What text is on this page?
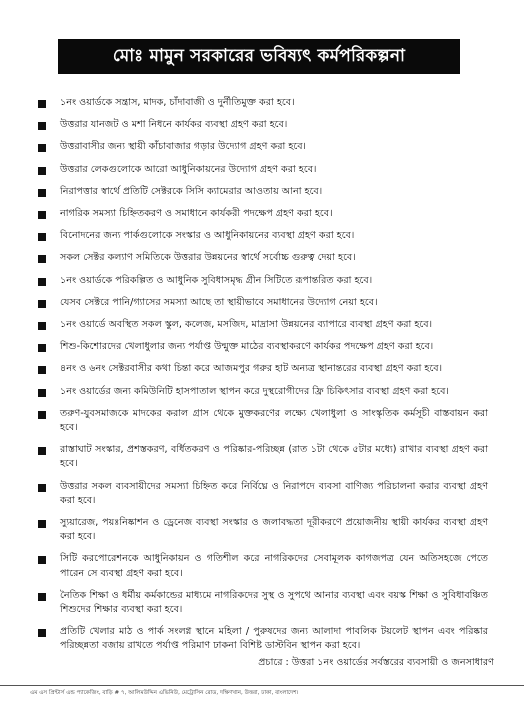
মোঃ মামুন সরকারের ভবিষ্যৎ কর্মপরিকল্পনা
১নং ওয়ার্ডকে সন্ত্রাস, মাদক, চাঁদাবাজী ও দুর্নীতিমুক্ত করা হবে।
উত্তরার যানজট ও মশা নিধনে কার্যকর ব্যবস্থা গ্রহণ করা হবে।
উত্তরাবাসীর জন্য স্থায়ী কাঁচাবাজার গড়ার উদ্যোগ গ্রহণ করা হবে।
উত্তরার লেকগুলোকে আরো আধুনিকায়নের উদ্যোগ গ্রহণ করা হবে।
নিরাপত্তার স্বার্থে প্রতিটি সেক্টরকে সিসি ক্যামেরার আওতায় আনা হবে।
নাগরিক সমস্যা চিহ্নিতকরণ ও সমাধানে কার্যকরী পদক্ষেপ গ্রহণ করা হবে।
বিনোদনের জন্য পার্কগুলোকে সংস্কার ও আধুনিকায়নের ব্যবস্থা গ্রহণ করা হবে।
সকল সেক্টর কল্যাণ সমিতিকে উত্তরার উন্নয়নের স্বার্থে সর্বোচ্চ গুরুত্ব দেয়া হবে।
১নং ওয়ার্ডকে পরিকল্পিত ও আধুনিক সুবিধাসমৃদ্ধ গ্রীন সিটিতে রূপান্তরিত করা হবে।
যেসব সেক্টরে পানি/গ্যাসের সমস্যা আছে তা স্থায়ীভাবে সমাধানের উদ্যোগ নেয়া হবে।
১নং ওয়ার্ডে অবস্থিত সকল স্কুল, কলেজ, মসজিদ, মাদ্রাসা উন্নয়নের ব্যাপারে ব্যবস্থা গ্রহণ করা হবে।
শিশু-কিশোরদের খেলাধুলার জন্য পর্যাপ্ত উন্মুক্ত মাঠের ব্যবস্থাকরণে কার্যকর পদক্ষেপ গ্রহণ করা হবে।
৪নং ও ৬নং সেক্টরবাসীর কথা চিন্তা করে আজমপুর গরুর হাট অন্যত্র স্থানান্তরের ব্যবস্থা গ্রহণ করা হবে।
১নং ওয়ার্ডের জন্য কমিউনিটি হাসপাতাল স্থাপন করে দুস্থরোগীদের ফ্রি চিকিৎসার ব্যবস্থা গ্রহণ করা হবে।
তরুণ-যুবসমাজকে মাদকের করাল গ্রাস থেকে মুক্তকরণের লক্ষ্যে খেলাধুলা ও সাংস্কৃতিক কর্মসূচী বাস্তবায়ন করা হবে।
রাস্তাঘাট সংস্কার, প্রশস্তকরণ, বর্ধিতকরণ ও পরিষ্কার-পরিচ্ছন্ন (রাত ১টা থেকে ৫টার মধ্যে) রাখার ব্যবস্থা গ্রহণ করা হবে।
উত্তরার সকল ব্যবসায়ীদের সমস্যা চিহ্নিত করে নির্বিঘ্নে ও নিরাপদে ব্যবসা বাণিজ্য পরিচালনা করার ব্যবস্থা গ্রহণ করা হবে।
স্যুয়ারেজ, পয়ঃনিষ্কাশন ও ড্রেনেজ ব্যবস্থা সংস্কার ও জলাবদ্ধতা দূরীকরণে প্রয়োজনীয় স্থায়ী কার্যকর ব্যবস্থা গ্রহণ করা হবে।
সিটি করপোরেশনকে আধুনিকায়ন ও গতিশীল করে নাগরিকদের সেবামূলক কাগজপত্র যেন অতিসহজে পেতে পারেন সে ব্যবস্থা গ্রহণ করা হবে।
নৈতিক শিক্ষা ও ধর্মীয় কর্মকান্ডের মাধ্যমে নাগরিকদের সুস্থ ও সুপথে আনার ব্যবস্থা এবং বয়স্ক শিক্ষা ও সুবিধাবঞ্চিত শিশুদের শিক্ষার ব্যবস্থা করা হবে।
প্রতিটি খেলার মাঠ ও পার্ক সংলগ্ন স্থানে মহিলা / পুরুষদের জন্য আলাদা পাবলিক টয়লেট স্থাপন এবং পরিষ্কার পরিচ্ছন্নতা বজায় রাখতে পর্যাপ্ত পরিমাণ ঢাকনা বিশিষ্ট ডাস্টবিন স্থাপন করা হবে।
প্রচারে : উত্তরা ১নং ওয়ার্ডের সর্বস্তরের ব্যবসায়ী ও জনসাধারণ
এম এস প্রিন্টার্স এন্ড প্যাকেজিং, বাড়ি # ৭, আলিমউদ্দিন এভিনিউ, মেট্রোসিন রোড, দক্ষিণখান, উত্তরা, ঢাকা, বাংলাদেশ।
